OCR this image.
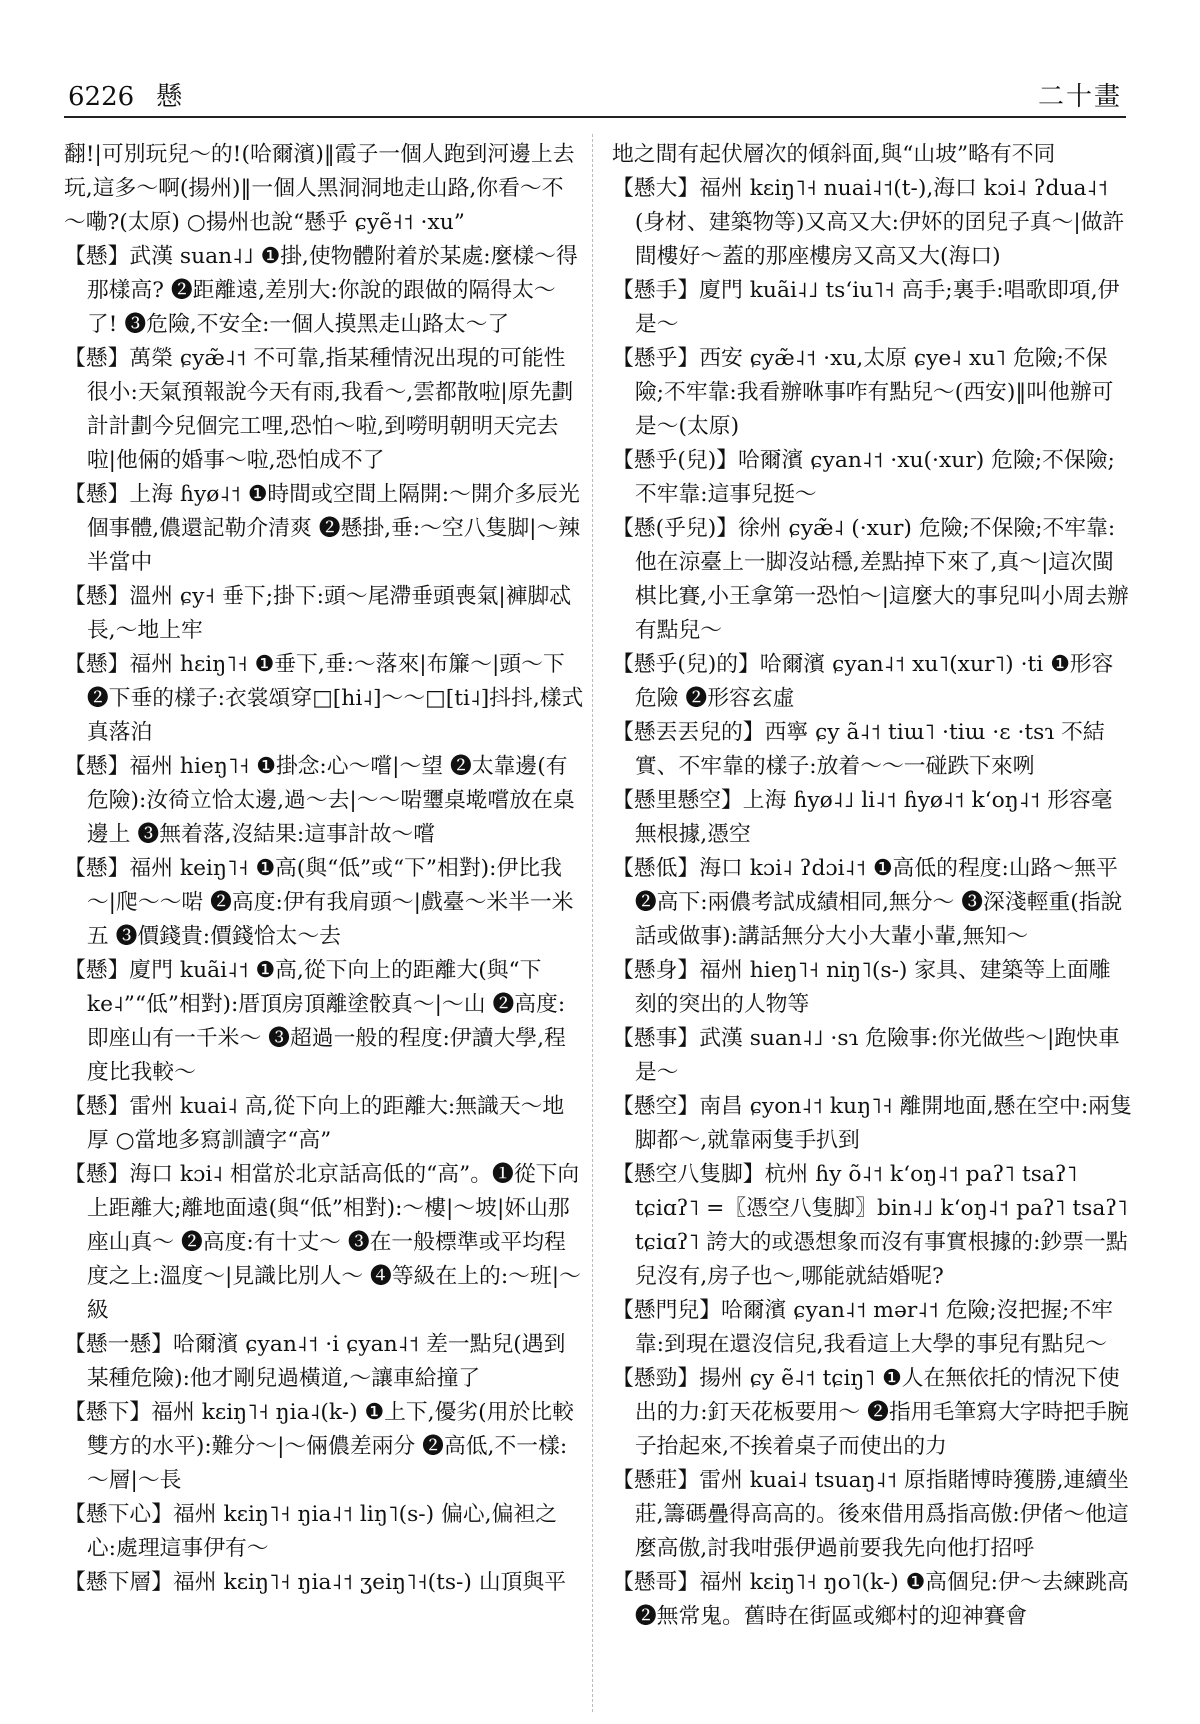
6226 懸	二十畫

翻!|可別玩兒～的!(哈爾濱)‖霞子一個人跑到河邊上去玩,這多～啊(揚州)‖一個人黑洞洞地走山路,你看～不～嘞?(太原) ○揚州也說“懸乎 ɕyẽ˧˦ ·xu”

【懸】武漢 suan˨˩ ❶掛,使物體附着於某處:麼樣～得那樣高? ❷距離遠,差別大:你說的跟做的隔得太～了! ❸危險,不安全:一個人摸黑走山路太～了

【懸】萬榮 ɕyæ̃˨˦ 不可靠,指某種情況出現的可能性很小:天氣預報說今天有雨,我看～,雲都散啦|原先劃計計劃今兒個完工哩,恐怕～啦,到嘮明朝明天完去啦|他倆的婚事～啦,恐怕成不了

【懸】上海 ɦyø˨˦ ❶時間或空間上隔開:～開介多辰光個事體,儂還記勒介清爽 ❷懸掛,垂:～空八隻脚|～辣半當中

【懸】溫州 ɕy˧ 垂下;掛下:頭～尾滯垂頭喪氣|褲脚忒長,～地上牢

【懸】福州 hɛiŋ˥˧ ❶垂下,垂:～落來|布簾～|頭～下 ❷下垂的樣子:衣裳頌穿□[hi˨]～～□[ti˨]抖抖,樣式真落泊

【懸】福州 hieŋ˥˧ ❶掛念:心～嚐|～望 ❷太靠邊(有危險):汝徛立恰太邊,過～去|～～啱瓕桌墘嚐放在桌邊上 ❸無着落,沒結果:這事計故～嚐

【懸】福州 keiŋ˥˧ ❶高(與“低”或“下”相對):伊比我～|爬～～啱 ❷高度:伊有我肩頭～|戲臺～米半一米五 ❸價錢貴:價錢恰太～去

【懸】廈門 kuãi˨˦ ❶高,從下向上的距離大(與“下ke˨”“低”相對):厝頂房頂離塗骹真～|～山 ❷高度:即座山有一千米～ ❸超過一般的程度:伊讀大學,程度比我較～

【懸】雷州 kuai˨ 高,從下向上的距離大:無識天～地厚 ○當地多寫訓讀字“高”

【懸】海口 kɔi˨ 相當於北京話高低的“高”。❶從下向上距離大;離地面遠(與“低”相對):～樓|～坡|妚山那座山真～ ❷高度:有十丈～ ❸在一般標準或平均程度之上:溫度～|見識比別人～ ❹等級在上的:～班|～級

【懸一懸】哈爾濱 ɕyan˨˦ ·i ɕyan˨˦ 差一點兒(遇到某種危險):他才剛兒過橫道,～讓車給撞了

【懸下】福州 kɛiŋ˥˧ ŋia˨(k-) ❶上下,優劣(用於比較雙方的水平):難分～|～倆儂差兩分 ❷高低,不一樣:～層|～長

【懸下心】福州 kɛiŋ˥˧ ŋia˨˦ liŋ˥(s-) 偏心,偏袒之心:處理這事伊有～

【懸下層】福州 kɛiŋ˥˧ ŋia˨˦ ʒeiŋ˥˧(ts-) 山頂與平

地之間有起伏層次的傾斜面,與“山坡”略有不同

【懸大】福州 kɛiŋ˥˧ nuai˨˦(t-),海口 kɔi˨ ʔdua˨˦ (身材、建築物等)又高又大:伊妚的囝兒子真～|做許間樓好～蓋的那座樓房又高又大(海口)

【懸手】廈門 kuãi˨˩ tsʻiu˥˧ 高手;裏手:唱歌即項,伊是～

【懸乎】西安 ɕyæ̃˨˦ ·xu,太原 ɕye˨ xu˥ 危險;不保險;不牢靠:我看辦咻事咋有點兒～(西安)‖叫他辦可是～(太原)

【懸乎(兒)】哈爾濱 ɕyan˨˦ ·xu(·xur) 危險;不保險;不牢靠:這事兒挺～

【懸(乎兒)】徐州 ɕyæ̃˨ (·xur) 危險;不保險;不牢靠:他在涼臺上一脚沒站穩,差點掉下來了,真～|這次閩棋比賽,小王拿第一恐怕～|這麼大的事兒叫小周去辦有點兒～

【懸乎(兒)的】哈爾濱 ɕyan˨˦ xu˥(xur˥) ·ti ❶形容危險 ❷形容玄虛

【懸丟丟兒的】西寧 ɕy ã˨˦ tiɯ˥ ·tiɯ ·ɛ ·tsɿ 不結實、不牢靠的樣子:放着～～一碰跌下來咧

【懸里懸空】上海 ɦyø˨˩ li˨˦ ɦyø˨˦ kʻoŋ˨˦ 形容毫無根據,憑空

【懸低】海口 kɔi˨ ʔdɔi˨˦ ❶高低的程度:山路～無平 ❷高下:兩儂考試成績相同,無分～ ❸深淺輕重(指說話或做事):講話無分大小大輩小輩,無知～

【懸身】福州 hieŋ˥˧ niŋ˥(s-) 家具、建築等上面雕刻的突出的人物等

【懸事】武漢 suan˨˩ ·sɿ 危險事:你光做些～|跑快車是～

【懸空】南昌 ɕyon˨˦ kuŋ˥˧ 離開地面,懸在空中:兩隻脚都～,就靠兩隻手扒到

【懸空八隻脚】杭州 ɦy õ˨˦ kʻoŋ˨˦ paʔ˥ tsaʔ˥ tɕiɑʔ˥ =〖憑空八隻脚〗bin˨˩ kʻoŋ˨˦ paʔ˥ tsaʔ˥ tɕiɑʔ˥ 誇大的或憑想象而沒有事實根據的:鈔票一點兒沒有,房子也～,哪能就結婚呢?

【懸門兒】哈爾濱 ɕyan˨˦ mər˨˦ 危險;沒把握;不牢靠:到現在還沒信兒,我看這上大學的事兒有點兒～

【懸勁】揚州 ɕy ẽ˨˦ tɕiŋ˥ ❶人在無依托的情況下使出的力:釘天花板要用～ ❷指用毛筆寫大字時把手腕子抬起來,不挨着桌子而使出的力

【懸莊】雷州 kuai˨ tsuaŋ˨˦ 原指賭博時獲勝,連續坐莊,籌碼疊得高高的。後來借用爲指高傲:伊偖～他這麼高傲,討我咁張伊過前要我先向他打招呼

【懸哥】福州 kɛiŋ˥˧ ŋo˥(k-) ❶高個兒:伊～去練跳高 ❷無常鬼。舊時在街區或鄉村的迎神賽會
